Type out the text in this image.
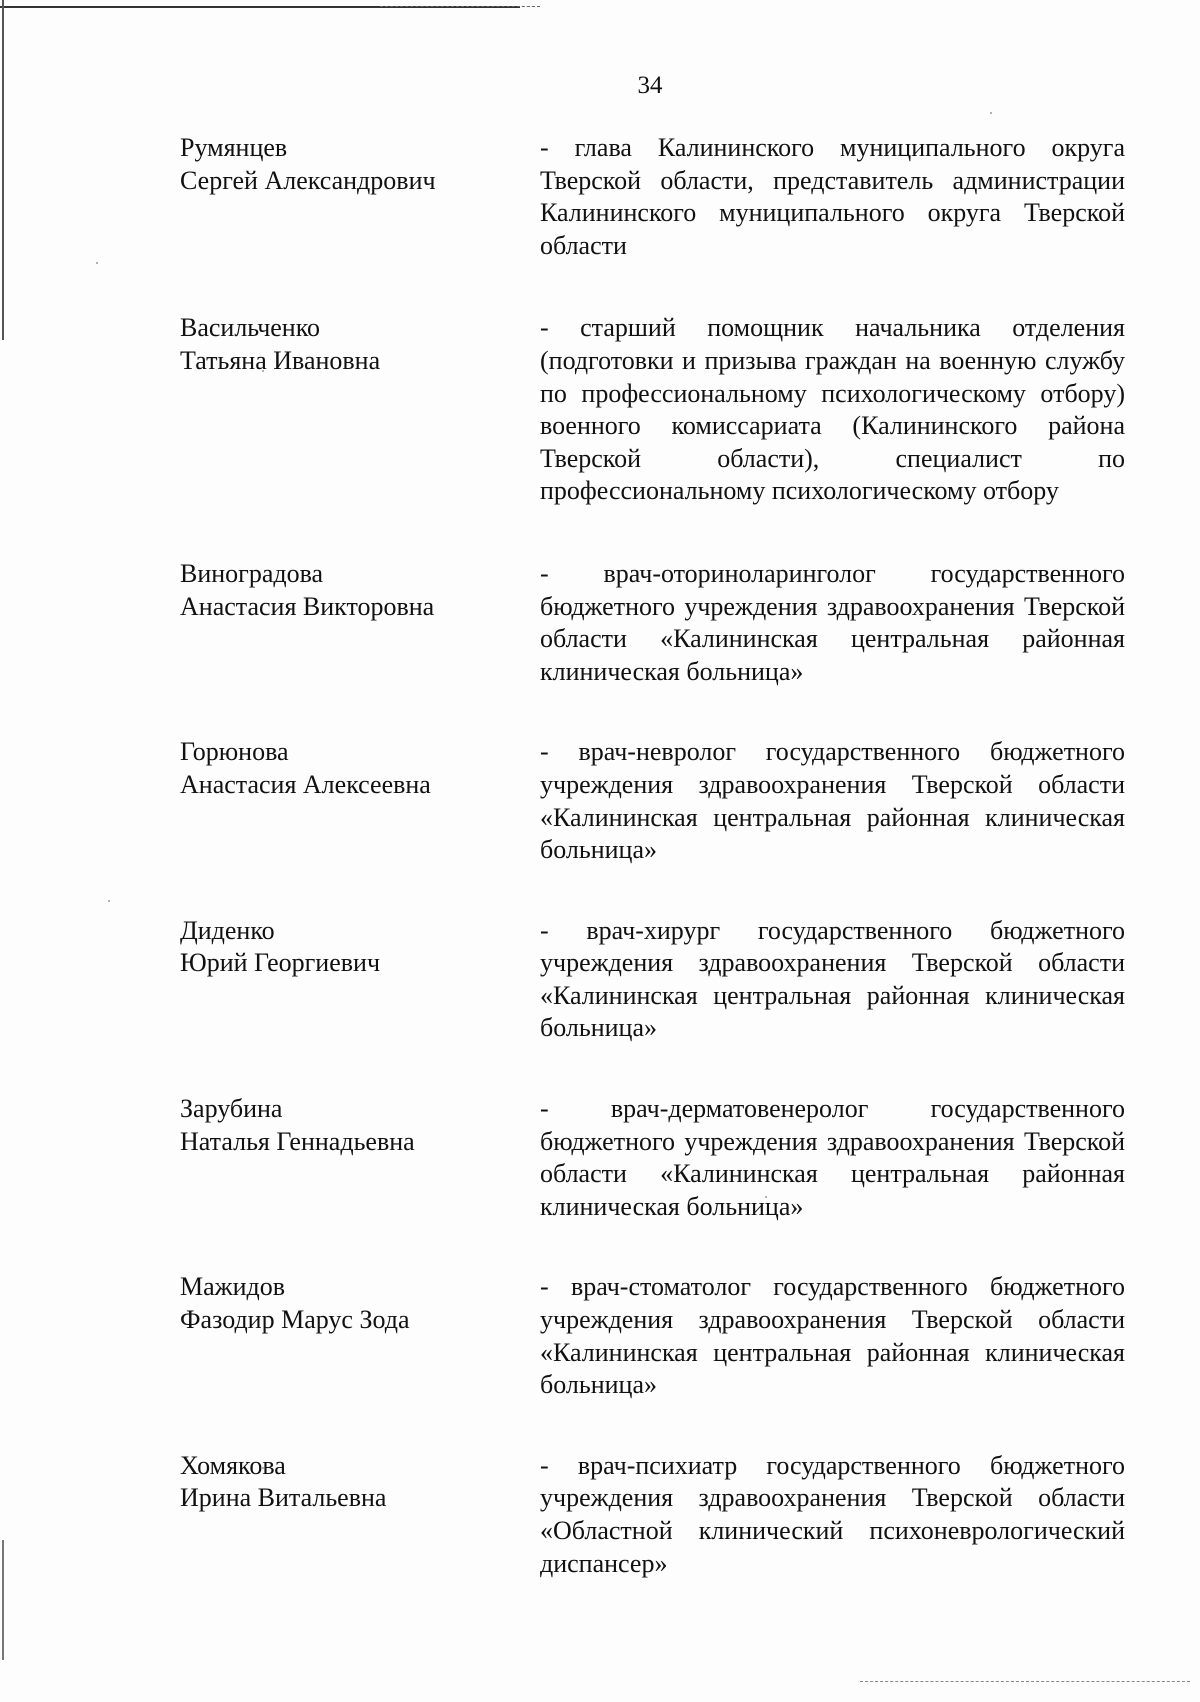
34
Румянцев
Сергей Александрович
- глава Калининского муниципального округа Тверской области, представитель администрации Калининского муниципального округа Тверской области
Васильченко
Татьяна Ивановна
- старший помощник начальника отделения (подготовки и призыва граждан на военную службу по профессиональному психологическому отбору) военного комиссариата (Калининского района Тверской области), специалист по профессиональному психологическому отбору
Виноградова
Анастасия Викторовна
- врач-оториноларинголог государственного бюджетного учреждения здравоохранения Тверской области «Калининская центральная районная клиническая больница»
Горюнова
Анастасия Алексеевна
- врач-невролог государственного бюджетного учреждения здравоохранения Тверской области «Калининская центральная районная клиническая больница»
Диденко
Юрий Георгиевич
- врач-хирург государственного бюджетного учреждения здравоохранения Тверской области «Калининская центральная районная клиническая больница»
Зарубина
Наталья Геннадьевна
- врач-дерматовенеролог государственного бюджетного учреждения здравоохранения Тверской области «Калининская центральная районная клиническая больница»
Мажидов
Фазодир Марус Зода
- врач-стоматолог государственного бюджетного учреждения здравоохранения Тверской области «Калининская центральная районная клиническая больница»
Хомякова
Ирина Витальевна
- врач-психиатр государственного бюджетного учреждения здравоохранения Тверской области «Областной клинический психоневрологический диспансер»
